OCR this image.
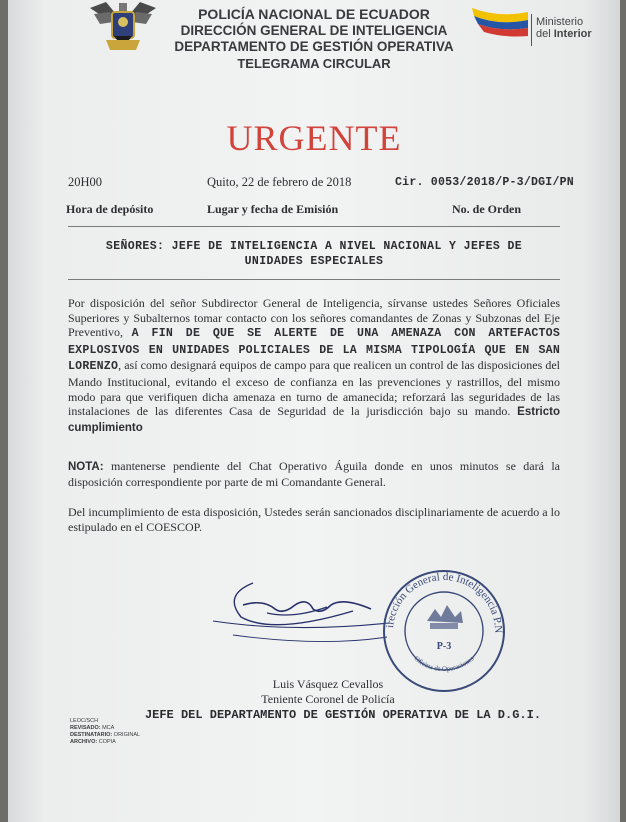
POLICÍA NACIONAL DE ECUADOR
DIRECCIÓN GENERAL DE INTELIGENCIA
DEPARTAMENTO DE GESTIÓN OPERATIVA
TELEGRAMA CIRCULAR
Ministerio
del Interior
URGENTE
20H00	Quito, 22 de febrero de 2018	Cir. 0053/2018/P-3/DGI/PN
Hora de depósito	Lugar y fecha de Emisión	No. de Orden
SEÑORES: JEFE DE INTELIGENCIA A NIVEL NACIONAL Y JEFES DE
UNIDADES ESPECIALES
Por disposición del señor Subdirector General de Inteligencia, sírvanse ustedes Señores Oficiales Superiores y Subalternos tomar contacto con los señores comandantes de Zonas y Subzonas del Eje Preventivo, A FIN DE QUE SE ALERTE DE UNA AMENAZA CON ARTEFACTOS EXPLOSIVOS EN UNIDADES POLICIALES DE LA MISMA TIPOLOGÍA QUE EN SAN LORENZO, así como designará equipos de campo para que realicen un control de las disposiciones del Mando Institucional, evitando el exceso de confianza en las prevenciones y rastrillos, del mismo modo para que verifiquen dicha amenaza en turno de amanecida; reforzará las seguridades de las instalaciones de las diferentes Casa de Seguridad de la jurisdicción bajo su mando. Estricto cumplimiento
NOTA: mantenerse pendiente del Chat Operativo Águila donde en unos minutos se dará la disposición correspondiente por parte de mi Comandante General.
Del incumplimiento de esta disposición, Ustedes serán sancionados disciplinariamente de acuerdo a lo estipulado en el COESCOP.
irección General de Inteligencia P.N
Oficina de Operaciones
P-3
Luis Vásquez Cevallos
Teniente Coronel de Policía
JEFE DEL DEPARTAMENTO DE GESTIÓN OPERATIVA DE LA D.G.I.
LEOC/SCH
REVISADO: MCA
DESTINATARIO: ORIGINAL
ARCHIVO: COPIA
